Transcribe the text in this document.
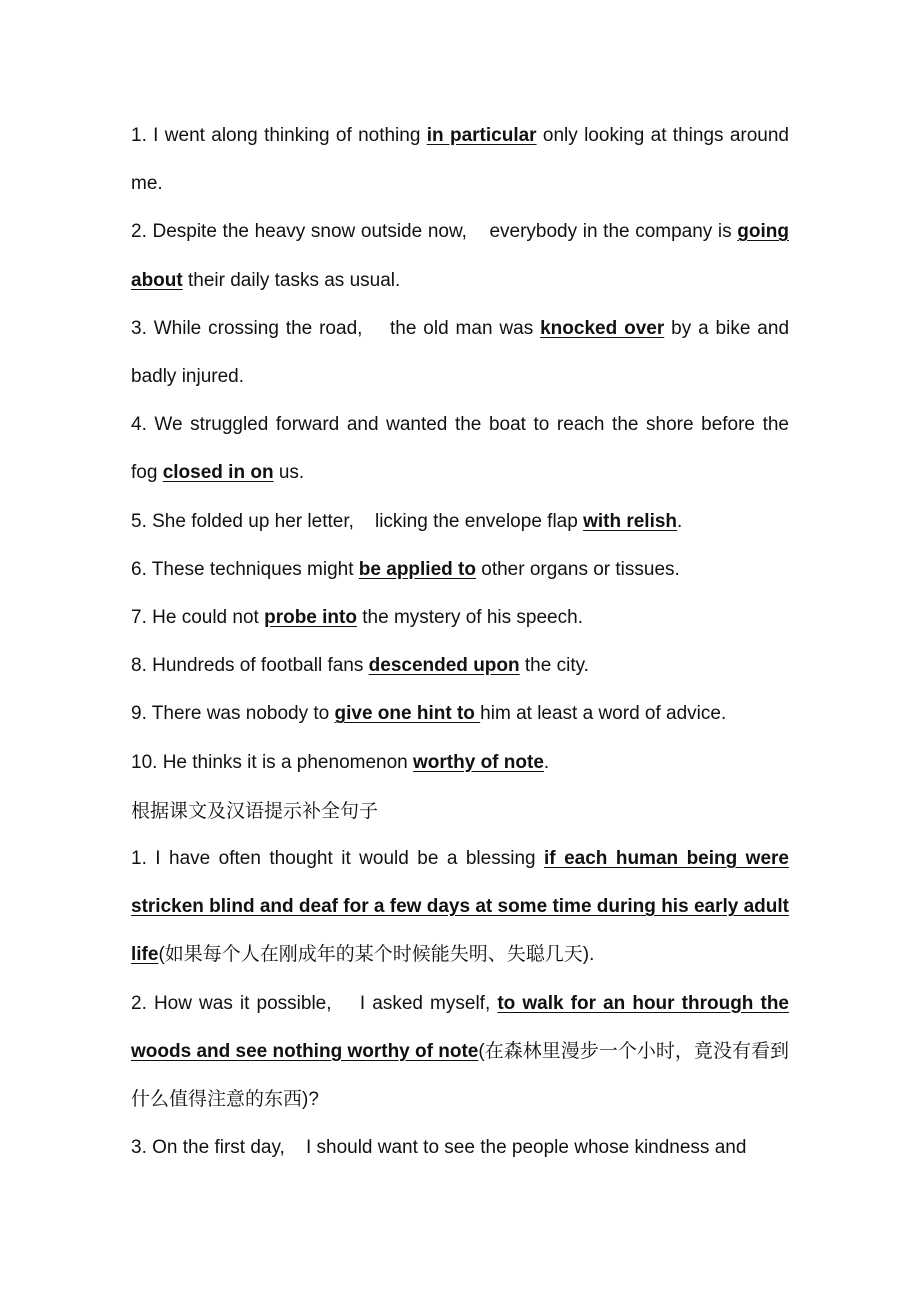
1. I went along thinking of nothing in particular only looking at things around me.

2. Despite the heavy snow outside now,    everybody in the company is going about their daily tasks as usual.

3. While crossing the road,    the old man was knocked over by a bike and badly injured.

4. We struggled forward and wanted the boat to reach the shore before the fog closed in on us.

5. She folded up her letter,    licking the envelope flap with relish.

6. These techniques might be applied to other organs or tissues.

7. He could not probe into the mystery of his speech.

8. Hundreds of football fans descended upon the city.

9. There was nobody to give one hint to him at least a word of advice.

10. He thinks it is a phenomenon worthy of note.

根据课文及汉语提示补全句子

1. I have often thought it would be a blessing if each human being were stricken blind and deaf for a few days at some time during his early adult life(如果每个人在刚成年的某个时候能失明、失聪几天).

2. How was it possible,    I asked myself, to walk for an hour through the woods and see nothing worthy of note(在森林里漫步一个小时，竟没有看到什么值得注意的东西)?

3. On the first day,    I should want to see the people whose kindness and
